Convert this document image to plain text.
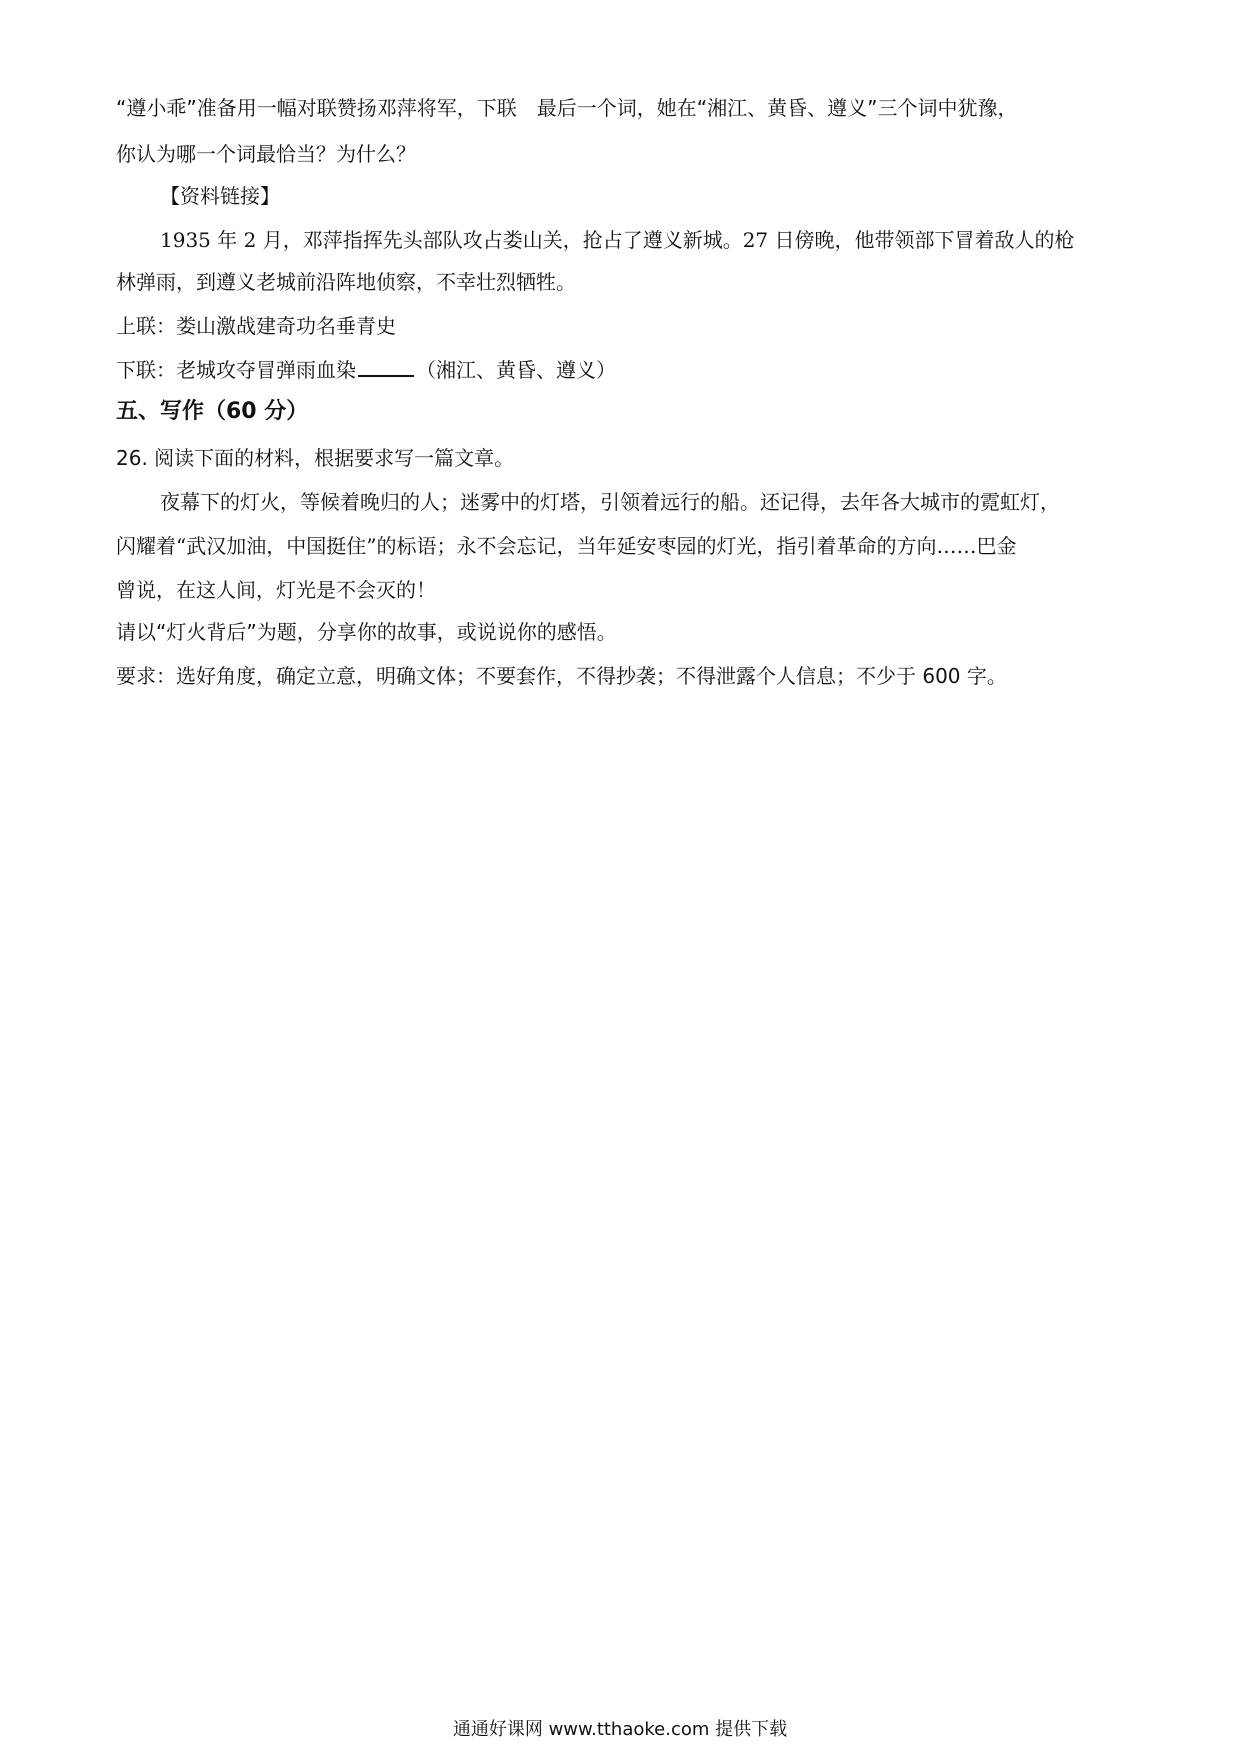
“遵小乖”准备用一幅对联赞扬邓萍将军，下联　最后一个词，她在“湘江、黄昏、遵义”三个词中犹豫，
你认为哪一个词最恰当？为什么？
【资料链接】
1935 年 2 月，邓萍指挥先头部队攻占娄山关，抢占了遵义新城。27 日傍晚，他带领部下冒着敌人的枪
林弹雨，到遵义老城前沿阵地侦察，不幸壮烈牺牲。
上联：娄山激战建奇功名垂青史
下联：老城攻夺冒弹雨血染	（湘江、黄昏、遵义）
五、写作（60 分）
26. 阅读下面的材料，根据要求写一篇文章。
夜幕下的灯火，等候着晚归的人；迷雾中的灯塔，引领着远行的船。还记得，去年各大城市的霓虹灯，
闪耀着“武汉加油，中国挺住”的标语；永不会忘记，当年延安枣园的灯光，指引着革命的方向……巴金
曾说，在这人间，灯光是不会灭的！
请以“灯火背后”为题，分享你的故事，或说说你的感悟。
要求：选好角度，确定立意，明确文体；不要套作，不得抄袭；不得泄露个人信息；不少于 600 字。
通通好课网 www.tthaoke.com 提供下载
